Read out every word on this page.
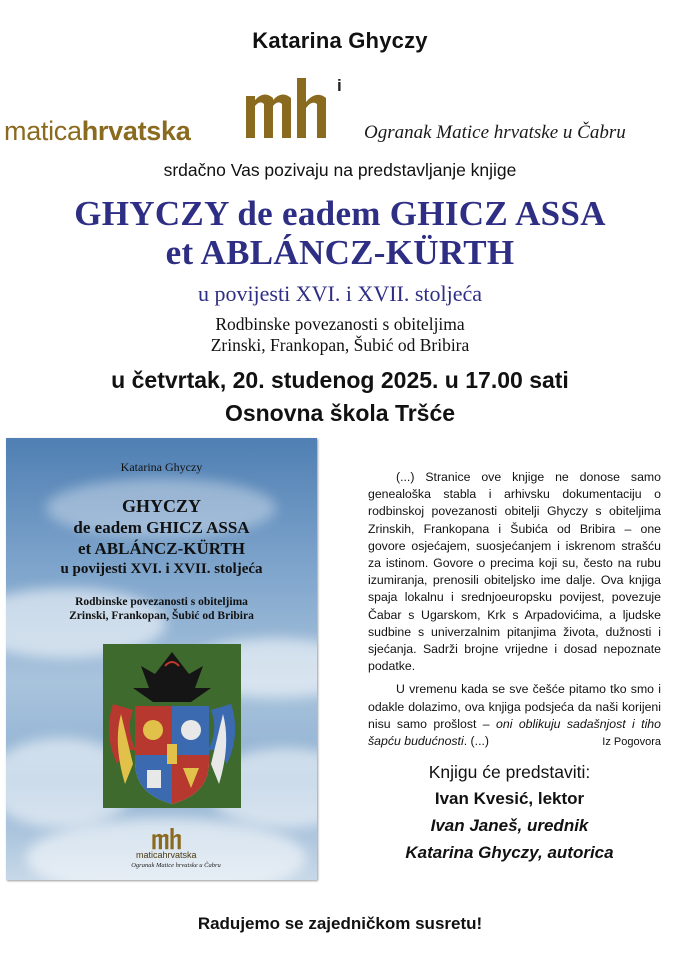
Katarina Ghyczy
maticahrvatska
i
Ogranak Matice hrvatske u Čabru
srdačno Vas pozivaju na predstavljanje knjige
GHYCZY de eadem GHICZ ASSA
et ABLÁNCZ-KÜRTH
u povijesti XVI. i XVII. stoljeća
Rodbinske povezanosti s obiteljima
Zrinski, Frankopan, Šubić od Bribira
u četvrtak, 20. studenog 2025. u 17.00 sati
Osnovna škola Tršće
Katarina Ghyczy
GHYCZY
de eadem GHICZ ASSA
et ABLÁNCZ-KÜRTH
u povijesti XVI. i XVII. stoljeća
Rodbinske povezanosti s obiteljima
Zrinski, Frankopan, Šubić od Bribira
maticahrvatska
Ogranak Matice hrvatske u Čabru

(...) Stranice ove knjige ne donose samo genealoška stabla i arhivsku dokumentaciju o rodbinskoj povezanosti obitelji Ghyczy s obiteljima Zrinskih, Frankopana i Šubića od Bribira – one govore osjećajem, suosjećanjem i iskrenom strašću za istinom. Govore o precima koji su, često na rubu izumiranja, prenosili obiteljsko ime dalje. Ova knjiga spaja lokalnu i srednjoeuropsku povijest, povezuje Čabar s Ugarskom, Krk s Arpadovićima, a ljudske sudbine s univerzalnim pitanjima života, dužnosti i sjećanja. Sadrži brojne vrijedne i dosad nepoznate podatke.

U vremenu kada se sve češće pitamo tko smo i odakle dolazimo, ova knjiga podsjeća da naši korijeni nisu samo prošlost – oni oblikuju sadašnjost i tiho šapću budućnosti. (...)	Iz Pogovora
Knjigu će predstaviti:
Ivan Kvesić, lektor
Ivan Janeš, urednik
Katarina Ghyczy, autorica
Radujemo se zajedničkom susretu!
